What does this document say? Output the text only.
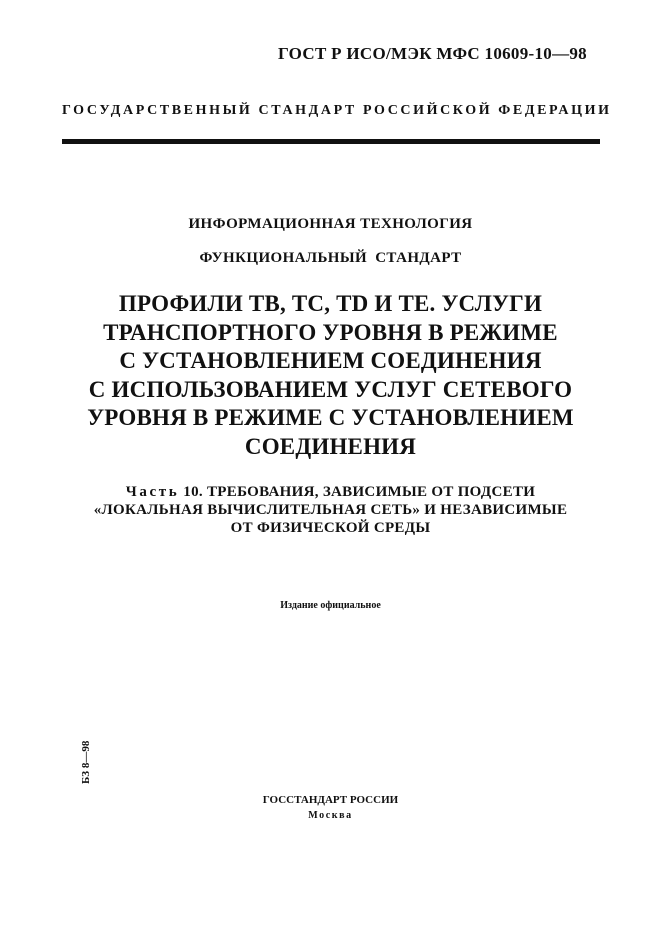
ГОСТ Р ИСО/МЭК МФС 10609-10—98
ГОСУДАРСТВЕННЫЙ СТАНДАРТ РОССИЙСКОЙ ФЕДЕРАЦИИ
ИНФОРМАЦИОННАЯ ТЕХНОЛОГИЯ
ФУНКЦИОНАЛЬНЫЙ СТАНДАРТ
ПРОФИЛИ ТВ, ТС, TD И ТЕ. УСЛУГИ
ТРАНСПОРТНОГО УРОВНЯ В РЕЖИМЕ
С УСТАНОВЛЕНИЕМ СОЕДИНЕНИЯ
С ИСПОЛЬЗОВАНИЕМ УСЛУГ СЕТЕВОГО
УРОВНЯ В РЕЖИМЕ С УСТАНОВЛЕНИЕМ
СОЕДИНЕНИЯ
Часть 10. ТРЕБОВАНИЯ, ЗАВИСИМЫЕ ОТ ПОДСЕТИ
«ЛОКАЛЬНАЯ ВЫЧИСЛИТЕЛЬНАЯ СЕТЬ» И НЕЗАВИСИМЫЕ
ОТ ФИЗИЧЕСКОЙ СРЕДЫ
Издание официальное
БЗ 8—98
ГОССТАНДАРТ РОССИИ
Москва
